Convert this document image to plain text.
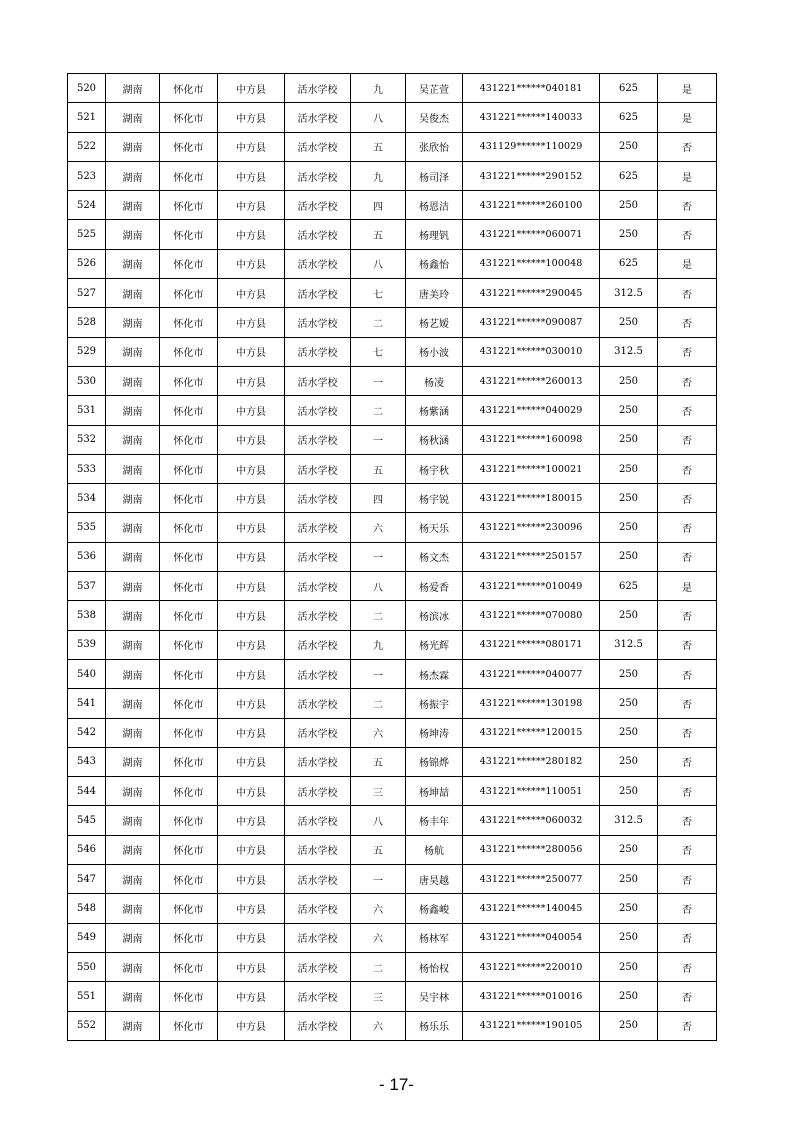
520	湖南	怀化市	中方县	活水学校	九	吴芷萱	431221******040181	625	是
521	湖南	怀化市	中方县	活水学校	八	吴俊杰	431221******140033	625	是
522	湖南	怀化市	中方县	活水学校	五	张欣怡	431129******110029	250	否
523	湖南	怀化市	中方县	活水学校	九	杨司泽	431221******290152	625	是
524	湖南	怀化市	中方县	活水学校	四	杨恩洁	431221******260100	250	否
525	湖南	怀化市	中方县	活水学校	五	杨理钒	431221******060071	250	否
526	湖南	怀化市	中方县	活水学校	八	杨鑫怡	431221******100048	625	是
527	湖南	怀化市	中方县	活水学校	七	唐美玲	431221******290045	312.5	否
528	湖南	怀化市	中方县	活水学校	二	杨艺嫒	431221******090087	250	否
529	湖南	怀化市	中方县	活水学校	七	杨小波	431221******030010	312.5	否
530	湖南	怀化市	中方县	活水学校	一	杨凌	431221******260013	250	否
531	湖南	怀化市	中方县	活水学校	二	杨紫涵	431221******040029	250	否
532	湖南	怀化市	中方县	活水学校	一	杨秋涵	431221******160098	250	否
533	湖南	怀化市	中方县	活水学校	五	杨宇秋	431221******100021	250	否
534	湖南	怀化市	中方县	活水学校	四	杨宇锐	431221******180015	250	否
535	湖南	怀化市	中方县	活水学校	六	杨天乐	431221******230096	250	否
536	湖南	怀化市	中方县	活水学校	一	杨文杰	431221******250157	250	否
537	湖南	怀化市	中方县	活水学校	八	杨爱香	431221******010049	625	是
538	湖南	怀化市	中方县	活水学校	二	杨滨冰	431221******070080	250	否
539	湖南	怀化市	中方县	活水学校	九	杨光辉	431221******080171	312.5	否
540	湖南	怀化市	中方县	活水学校	一	杨杰霖	431221******040077	250	否
541	湖南	怀化市	中方县	活水学校	二	杨振宇	431221******130198	250	否
542	湖南	怀化市	中方县	活水学校	六	杨坤涛	431221******120015	250	否
543	湖南	怀化市	中方县	活水学校	五	杨锦烨	431221******280182	250	否
544	湖南	怀化市	中方县	活水学校	三	杨坤喆	431221******110051	250	否
545	湖南	怀化市	中方县	活水学校	八	杨丰年	431221******060032	312.5	否
546	湖南	怀化市	中方县	活水学校	五	杨航	431221******280056	250	否
547	湖南	怀化市	中方县	活水学校	一	唐昊越	431221******250077	250	否
548	湖南	怀化市	中方县	活水学校	六	杨鑫峻	431221******140045	250	否
549	湖南	怀化市	中方县	活水学校	六	杨林军	431221******040054	250	否
550	湖南	怀化市	中方县	活水学校	二	杨怡权	431221******220010	250	否
551	湖南	怀化市	中方县	活水学校	三	吴宇林	431221******010016	250	否
552	湖南	怀化市	中方县	活水学校	六	杨乐乐	431221******190105	250	否
- 17-
